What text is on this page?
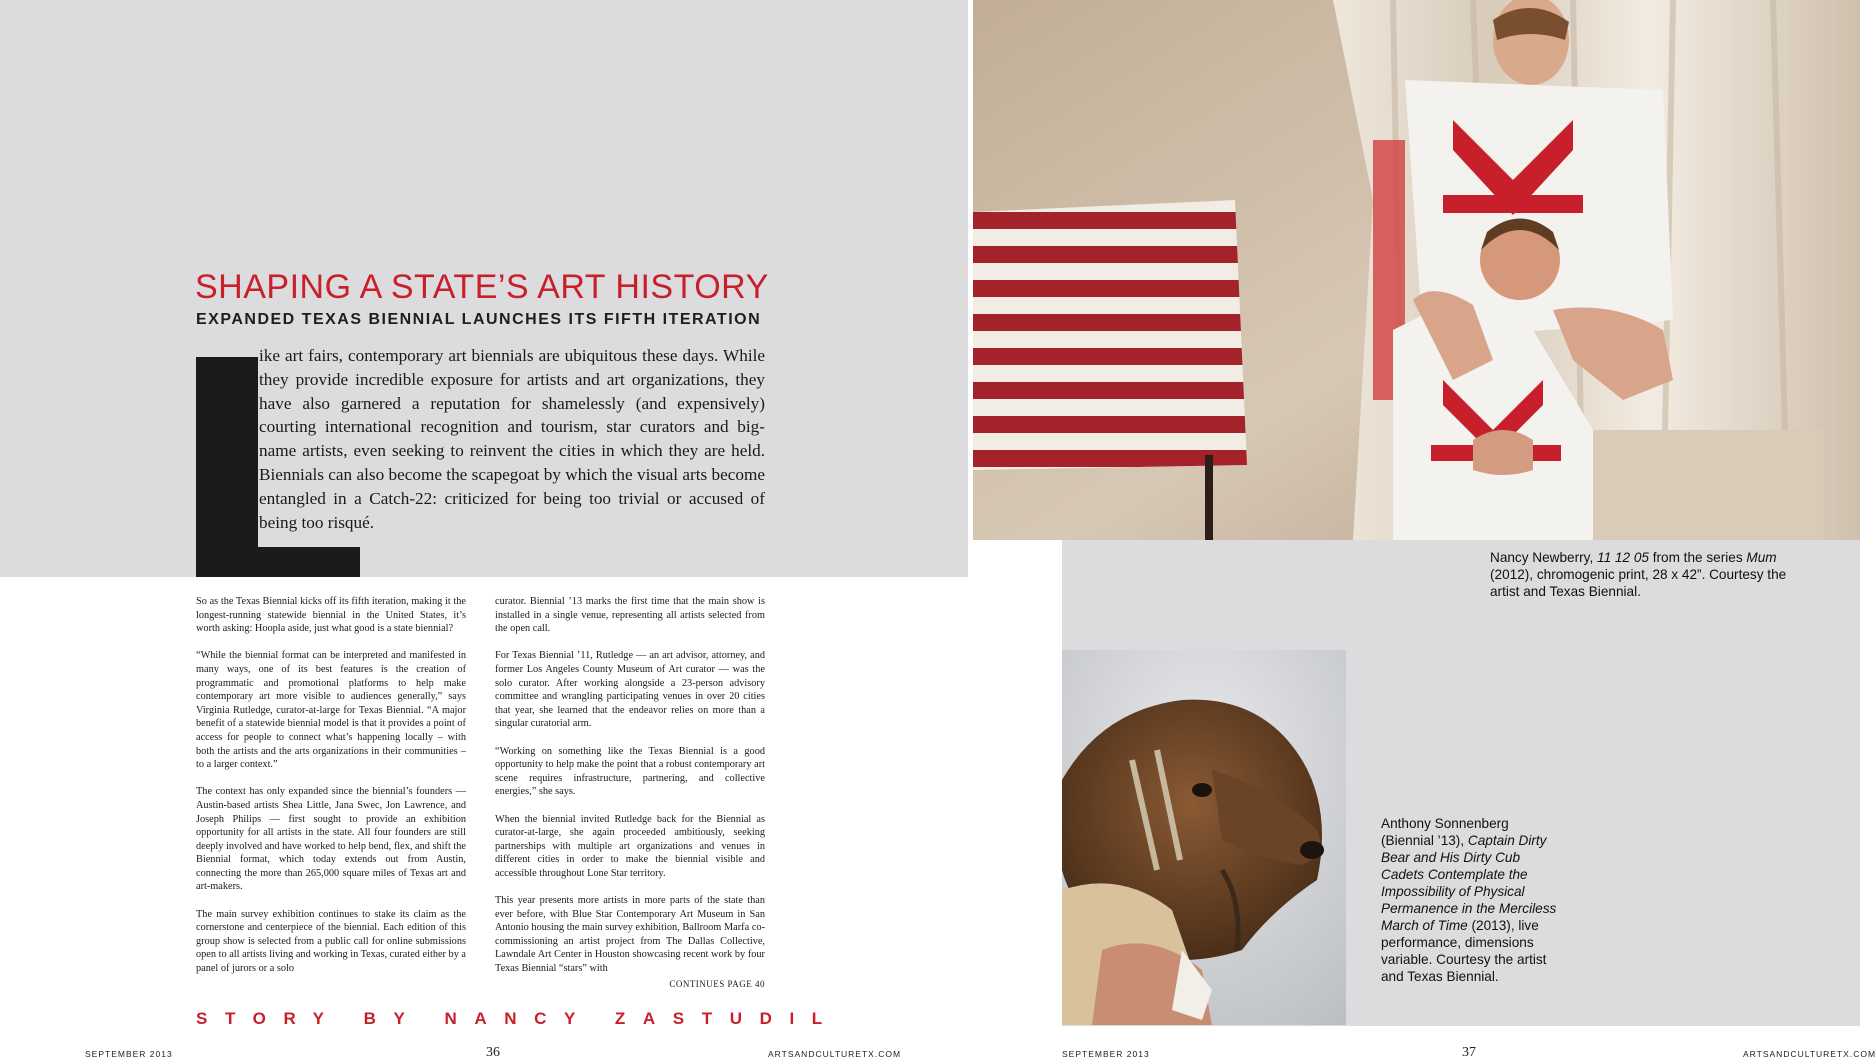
SHAPING A STATE’S ART HISTORY
EXPANDED TEXAS BIENNIAL LAUNCHES ITS FIFTH ITERATION

ike art fairs, contemporary art biennials are ubiquitous these days. While they provide incredible exposure for artists and art organizations, they have also garnered a reputation for shamelessly (and expensively) courting international recognition and tourism, star curators and big-name artists, even seeking to reinvent the cities in which they are held. Biennials can also become the scapegoat by which the visual arts become entangled in a Catch-22: criticized for being too trivial or accused of being too risqué.

So as the Texas Biennial kicks off its fifth iteration, making it the longest-running statewide biennial in the United States, it’s worth asking: Hoopla aside, just what good is a state biennial?

“While the biennial format can be interpreted and manifested in many ways, one of its best features is the creation of programmatic and promotional platforms to help make contemporary art more visible to audiences generally,” says Virginia Rutledge, curator-at-large for Texas Biennial. “A major benefit of a statewide biennial model is that it provides a point of access for people to connect what’s happening locally – with both the artists and the arts organizations in their communities – to a larger context.”

The context has only expanded since the biennial’s founders — Austin-based artists Shea Little, Jana Swec, Jon Lawrence, and Joseph Philips — first sought to provide an exhibition opportunity for all artists in the state. All four founders are still deeply involved and have worked to help bend, flex, and shift the Biennial format, which today extends out from Austin, connecting the more than 265,000 square miles of Texas art and art-makers.

The main survey exhibition continues to stake its claim as the cornerstone and centerpiece of the biennial. Each edition of this group show is selected from a public call for online submissions open to all artists living and working in Texas, curated either by a panel of jurors or a solo

curator. Biennial ’13 marks the first time that the main show is installed in a single venue, representing all artists selected from the open call.

For Texas Biennial ’11, Rutledge — an art advisor, attorney, and former Los Angeles County Museum of Art curator — was the solo curator. After working alongside a 23-person advisory committee and wrangling participating venues in over 20 cities that year, she learned that the endeavor relies on more than a singular curatorial arm.

“Working on something like the Texas Biennial is a good opportunity to help make the point that a robust contemporary art scene requires infrastructure, partnering, and collective energies,” she says.

When the biennial invited Rutledge back for the Biennial as curator-at-large, she again proceeded ambitiously, seeking partnerships with multiple art organizations and venues in different cities in order to make the biennial visible and accessible throughout Lone Star territory.

This year presents more artists in more parts of the state than ever before, with Blue Star Contemporary Art Museum in San Antonio housing the main survey exhibition, Ballroom Marfa co-commissioning an artist project from The Dallas Collective, Lawndale Art Center in Houston showcasing recent work by four Texas Biennial “stars” with

CONTINUES PAGE 40
STORY BY NANCY ZASTUDIL
SEPTEMBER 2013	36	ARTSANDCULTURETX.COM
Nancy Newberry, 11 12 05 from the series Mum (2012), chromogenic print, 28 x 42”. Courtesy the artist and Texas Biennial.
Anthony Sonnenberg (Biennial ’13), Captain Dirty Bear and His Dirty Cub Cadets Contemplate the Impossibility of Physical Permanence in the Merciless March of Time (2013), live performance, dimensions variable. Courtesy the artist and Texas Biennial.
SEPTEMBER 2013	37	ARTSANDCULTURETX.COM
